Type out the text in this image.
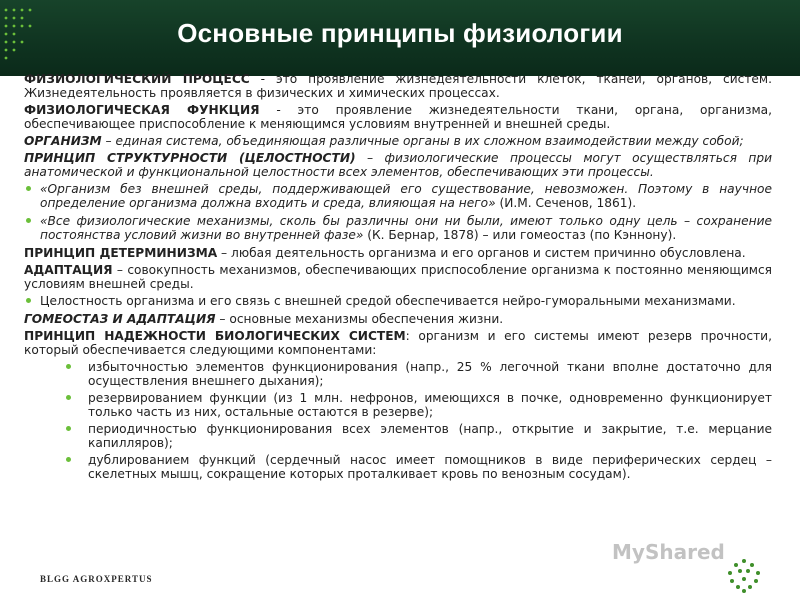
Основные принципы физиологии

ФИЗИОЛОГИЧЕСКИЙ ПРОЦЕСС - это проявление жизнедеятельности клеток, тканей, органов, систем. Жизнедеятельность проявляется в физических и химических процессах.

ФИЗИОЛОГИЧЕСКАЯ ФУНКЦИЯ - это проявление жизнедеятельности ткани, органа, организма, обеспечивающее приспособление к меняющимся условиям внутренней и внешней среды.

ОРГАНИЗМ – единая система, объединяющая различные органы в их сложном взаимодействии между собой;

ПРИНЦИП СТРУКТУРНОСТИ (ЦЕЛОСТНОСТИ) – физиологические процессы могут осуществляться при анатомической и функциональной целостности всех элементов, обеспечивающих эти процессы.

«Организм без внешней среды, поддерживающей его существование, невозможен. Поэтому в научное определение организма должна входить и среда, влияющая на него» (И.М. Сеченов, 1861).
«Все физиологические механизмы, сколь бы различны они ни были, имеют только одну цель – сохранение постоянства условий жизни во внутренней фазе» (К. Бернар, 1878) – или гомеостаз (по Кэннону).

ПРИНЦИП ДЕТЕРМИНИЗМА – любая деятельность организма и его органов и систем причинно обусловлена.

АДАПТАЦИЯ – совокупность механизмов, обеспечивающих приспособление организма к постоянно меняющимся условиям внешней среды.

Целостность организма и его связь с внешней средой обеспечивается нейро-гуморальными механизмами.

ГОМЕОСТАЗ И АДАПТАЦИЯ – основные механизмы обеспечения жизни.

ПРИНЦИП НАДЕЖНОСТИ БИОЛОГИЧЕСКИХ СИСТЕМ: организм и его системы имеют резерв прочности, который обеспечивается следующими компонентами:

избыточностью элементов функционирования (напр., 25 % легочной ткани вполне достаточно для осуществления внешнего дыхания);
резервированием функции (из 1 млн. нефронов, имеющихся в почке, одновременно функционирует только часть из них, остальные остаются в резерве);
периодичностью функционирования всех элементов (напр., открытие и закрытие, т.е. мерцание капилляров);
дублированием функций (сердечный насос имеет помощников в виде периферических сердец – скелетных мышц, сокращение которых проталкивает кровь по венозным сосудам).
BLGG AGROXPERTUS
MyShared
